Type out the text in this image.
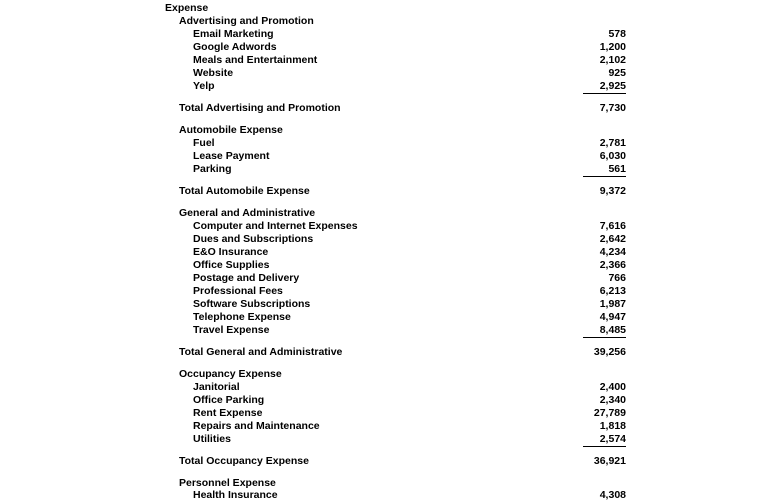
Expense
Advertising and Promotion
Email Marketing	578
Google Adwords	1,200
Meals and Entertainment	2,102
Website	925
Yelp	2,925
Total Advertising and Promotion	7,730
Automobile Expense
Fuel	2,781
Lease Payment	6,030
Parking	561
Total Automobile Expense	9,372
General and Administrative
Computer and Internet Expenses	7,616
Dues and Subscriptions	2,642
E&O Insurance	4,234
Office Supplies	2,366
Postage and Delivery	766
Professional Fees	6,213
Software Subscriptions	1,987
Telephone Expense	4,947
Travel Expense	8,485
Total General and Administrative	39,256
Occupancy Expense
Janitorial	2,400
Office Parking	2,340
Rent Expense	27,789
Repairs and Maintenance	1,818
Utilities	2,574
Total Occupancy Expense	36,921
Personnel Expense
Health Insurance	4,308
